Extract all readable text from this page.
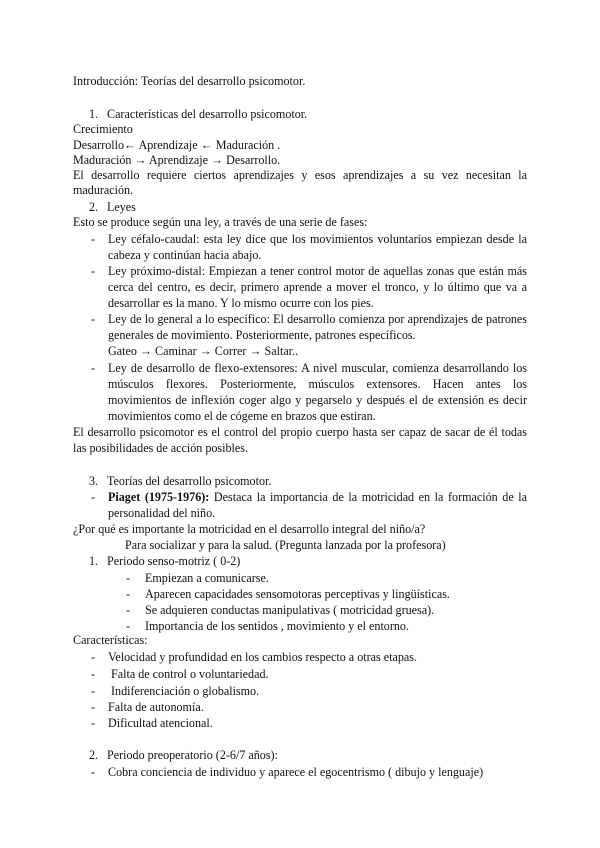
Introducción: Teorías del desarrollo psicomotor.
1. Características del desarrollo psicomotor.
Crecimiento
Desarrollo← Aprendizaje ← Maduración .
Maduración → Aprendizaje → Desarrollo.
El desarrollo requiere ciertos aprendizajes y esos aprendizajes a su vez necesitan la
maduración.
2. Leyes
Esto se produce según una ley, a través de una serie de fases:
- Ley céfalo-caudal: esta ley dice que los movimientos voluntarios empiezan desde la
cabeza y continúan hacia abajo.
- Ley próximo-distal: Empiezan a tener control motor de aquellas zonas que están más
cerca del centro, es decir, primero aprende a mover el tronco, y lo último que va a
desarrollar es la mano. Y lo mismo ocurre con los pies.
- Ley de lo general a lo específico: El desarrollo comienza por aprendizajes de patrones
generales de movimiento. Posteriormente, patrones específicos.
Gateo → Caminar → Correr → Saltar..
- Ley de desarrollo de flexo-extensores: A nivel muscular, comienza desarrollando los
músculos flexores. Posteriormente, músculos extensores. Hacen antes los
movimientos de inflexión coger algo y pegarselo y después el de extensión es decir
movimientos como el de cógeme en brazos que estiran.
El desarrollo psicomotor es el control del propio cuerpo hasta ser capaz de sacar de él todas
las posibilidades de acción posibles.
3. Teorías del desarrollo psicomotor.
- Piaget (1975-1976): Destaca la importancia de la motricidad en la formación de la
personalidad del niño.
¿Por qué es importante la motricidad en el desarrollo integral del niño/a?
Para socializar y para la salud. (Pregunta lanzada por la profesora)
1. Periodo senso-motriz ( 0-2)
- Empiezan a comunicarse.
- Aparecen capacidades sensomotoras perceptivas y lingüísticas.
- Se adquieren conductas manipulativas ( motricidad gruesa).
- Importancia de los sentidos , movimiento y el entorno.
Características:
- Velocidad y profundidad en los cambios respecto a otras etapas.
- Falta de control o voluntariedad.
- Indiferenciación o globalismo.
- Falta de autonomía.
- Dificultad atencional.
2. Periodo preoperatorio (2-6/7 años):
- Cobra conciencia de individuo y aparece el egocentrismo ( dibujo y lenguaje)
